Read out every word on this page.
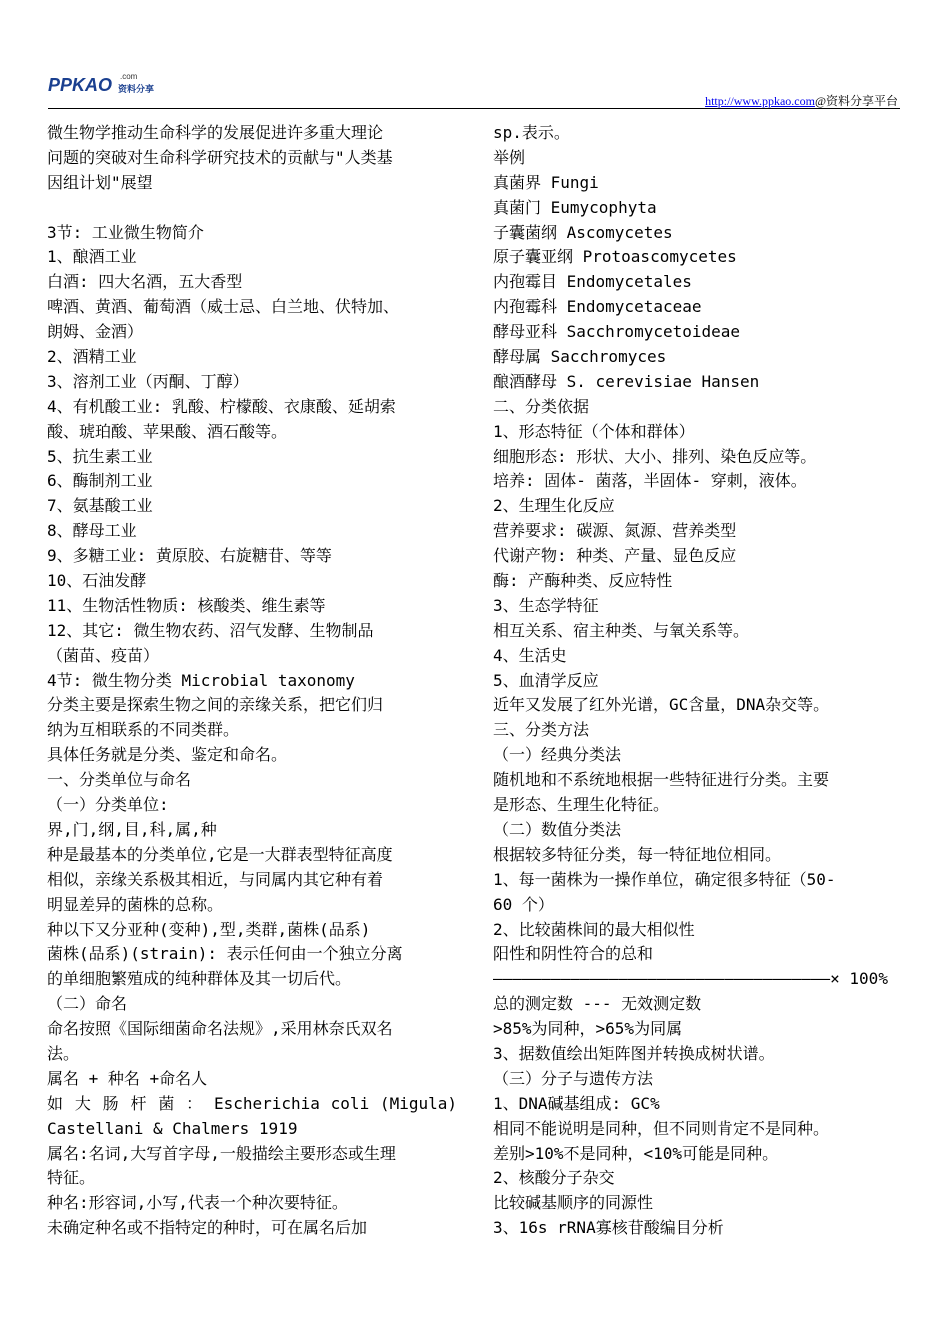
PPKAO .com
资料分享
http://www.ppkao.com@资料分享平台
微生物学推动生命科学的发展促进许多重大理论
问题的突破对生命科学研究技术的贡献与"人类基
因组计划"展望
3节: 工业微生物简介
1、酿酒工业
白酒: 四大名酒，五大香型
啤酒、黄酒、葡萄酒（威士忌、白兰地、伏特加、
朗姆、金酒）
2、酒精工业
3、溶剂工业（丙酮、丁醇）
4、有机酸工业: 乳酸、柠檬酸、衣康酸、延胡索
酸、琥珀酸、苹果酸、酒石酸等。
5、抗生素工业
6、酶制剂工业
7、氨基酸工业
8、酵母工业
9、多糖工业: 黄原胶、右旋糖苷、等等
10、石油发酵
11、生物活性物质: 核酸类、维生素等
12、其它: 微生物农药、沼气发酵、生物制品
（菌苗、疫苗）
4节: 微生物分类 Microbial taxonomy
分类主要是探索生物之间的亲缘关系，把它们归
纳为互相联系的不同类群。
具体任务就是分类、鉴定和命名。
一、分类单位与命名
（一）分类单位:
界,门,纲,目,科,属,种
种是最基本的分类单位,它是一大群表型特征高度
相似，亲缘关系极其相近，与同属内其它种有着
明显差异的菌株的总称。
种以下又分亚种(变种),型,类群,菌株(品系)
菌株(品系)(strain): 表示任何由一个独立分离
的单细胞繁殖成的纯种群体及其一切后代。
（二）命名
命名按照《国际细菌命名法规》,采用林奈氏双名
法。
属名 + 种名 +命名人
如 大 肠 杆 菌 ： Escherichia coli (Migula)
Castellani & Chalmers 1919
属名:名词,大写首字母,一般描绘主要形态或生理
特征。
种名:形容词,小写,代表一个种次要特征。
未确定种名或不指特定的种时，可在属名后加
sp.表示。
举例
真菌界 Fungi
真菌门 Eumycophyta
子囊菌纲 Ascomycetes
原子囊亚纲 Protoascomycetes
内孢霉目 Endomycetales
内孢霉科 Endomycetaceae
酵母亚科 Sacchromycetoideae
酵母属 Sacchromyces
酿酒酵母 S. cerevisiae Hansen
二、分类依据
1、形态特征（个体和群体）
细胞形态: 形状、大小、排列、染色反应等。
培养: 固体- 菌落，半固体- 穿刺，液体。
2、生理生化反应
营养要求: 碳源、氮源、营养类型
代谢产物: 种类、产量、显色反应
酶: 产酶种类、反应特性
3、生态学特征
相互关系、宿主种类、与氧关系等。
4、生活史
5、血清学反应
近年又发展了红外光谱，GC含量，DNA杂交等。
三、分类方法
（一）经典分类法
随机地和不系统地根据一些特征进行分类。主要
是形态、生理生化特征。
（二）数值分类法
根据较多特征分类，每一特征地位相同。
1、每一菌株为一操作单位，确定很多特征（50-
60 个）
2、比较菌株间的最大相似性
阳性和阴性符合的总和
———————————————————————————————————× 100%
总的测定数 --- 无效测定数
>85%为同种，>65%为同属
3、据数值绘出矩阵图并转换成树状谱。
（三）分子与遗传方法
1、DNA碱基组成: GC%
相同不能说明是同种，但不同则肯定不是同种。
差别>10%不是同种，<10%可能是同种。
2、核酸分子杂交
比较碱基顺序的同源性
3、16s rRNA寡核苷酸编目分析
